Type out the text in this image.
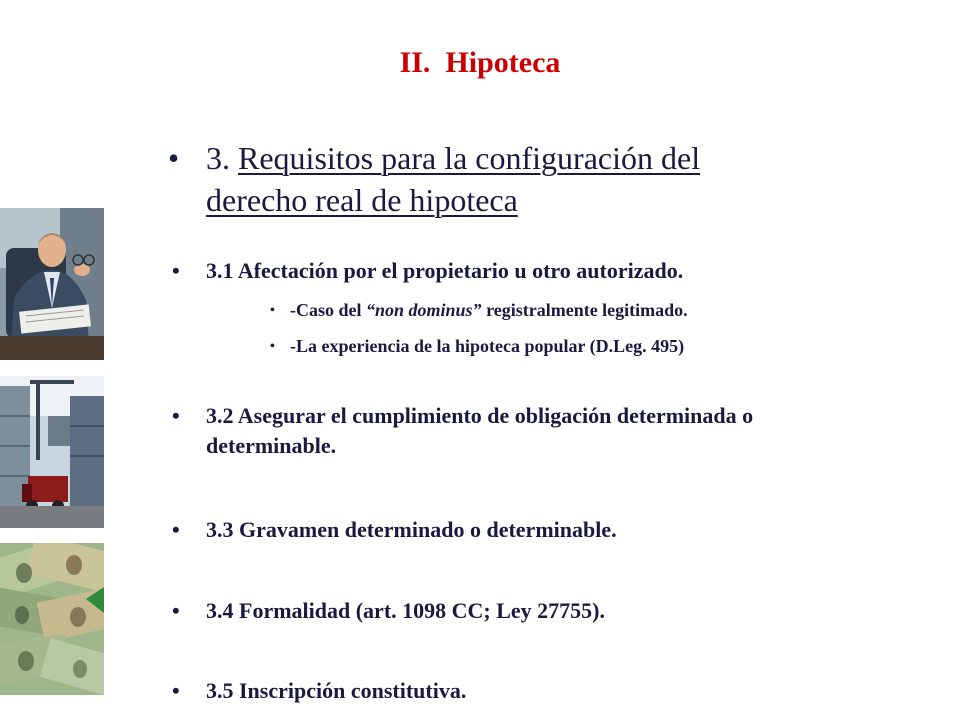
II.  Hipoteca
• 3. Requisitos para la configuración del
derecho real de hipoteca
• 3.1 Afectación por el propietario u otro autorizado.
• -Caso del “non dominus” registralmente legitimado.
• -La experiencia de la hipoteca popular (D.Leg. 495)
• 3.2 Asegurar el cumplimiento de obligación determinada o
determinable.
• 3.3 Gravamen determinado o determinable.
• 3.4 Formalidad (art. 1098 CC; Ley 27755).
• 3.5 Inscripción constitutiva.
